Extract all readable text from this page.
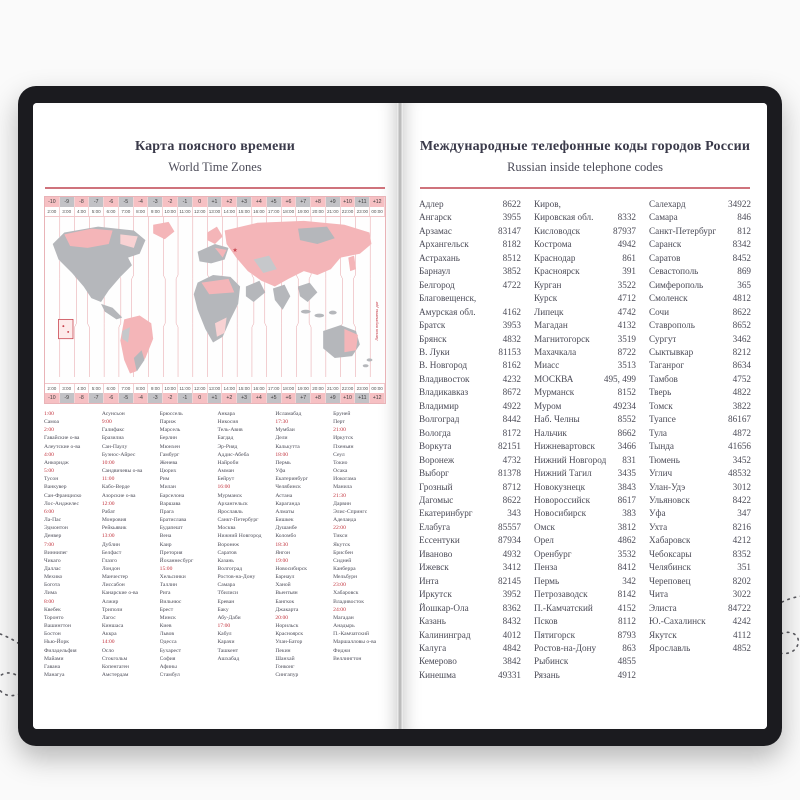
Карта поясного времени
World Time Zones
-10	-9	-8	-7	-6	-5	-4	-3	-2	-1	0	+1	+2	+3	+4	+5	+6	+7	+8	+9	+10	+11	+12
2:00	3:00	4:00	5:00	6:00	7:00	8:00	9:00 10:00 11:00 12:00 13:00 14:00 15:00 16:00 17:00 18:00 19:00 20:00 21:00 22:00 23:00 00:00
★
Линия перемены дат
2:00	3:00	4:00	5:00	6:00	7:00	8:00	9:00 10:00 11:00 12:00 13:00 14:00 15:00 16:00 17:00 18:00 19:00 20:00 21:00 22:00 23:00 00:00
-10	-9	-8	-7	-6	-5	-4	-3	-2	-1	0	+1	+2	+3	+4	+5	+6	+7	+8	+9	+10	+11	+12
1:00
Самоа
2:00
Гавайские о-ва
Алеутские о-ва
4:00
Анкоридж
5:00
Тусон
Ванкувер
Сан-Франциско
Лос-Анджелес
6:00
Ла-Пас
Эдмонтон
Денвер
7:00
Виннипег
Чикаго
Даллас
Мехико
Богота
Лима
8:00
Квебек
Торонто
Вашингтон
Бостон
Нью-Йорк
Филадельфия
Майами
Гавана
Манагуа
Асунсьон
9:00
Галифакс
Бразилиа
Сан-Паулу
Буэнос-Айрес
10:00
Сандвичевы о-ва
11:00
Кабо-Верде
Азорские о-ва
12:00
Рабат
Монровия
Рейкьявик
13:00
Дублин
Белфаст
Глазго
Лондон
Манчестер
Лиссабон
Канарские о-ва
Алжир
Триполи
Лагос
Киншаса
Аккра
14:00
Осло
Стокгольм
Копенгаген
Амстердам
Брюссель
Париж
Марсель
Берлин
Мюнхен
Гамбург
Женева
Цюрих
Рим
Милан
Барселона
Варшава
Прага
Братислава
Будапешт
Вена
Каир
Претория
Йоханнесбург
15:00
Хельсинки
Таллин
Рига
Вильнюс
Брест
Минск
Киев
Львов
Одесса
Бухарест
София
Афины
Стамбул
Анкара
Никосия
Тель-Авив
Багдад
Эр-Рияд
Аддис-Абеба
Найроби
Амман
Бейрут
16:00
Мурманск
Архангельск
Ярославль
Санкт-Петербург
Москва
Нижний Новгород
Воронеж
Саратов
Казань
Волгоград
Ростов-на-Дону
Самара
Тбилиси
Ереван
Баку
Абу-Даби
17:00
Кабул
Карачи
Ташкент
Ашхабад
Исламабад
17:30
Мумбаи
Дели
Калькутта
18:00
Пермь
Уфа
Екатеринбург
Челябинск
Астана
Караганда
Алматы
Бишкек
Душанбе
Коломбо
18:30
Янгон
19:00
Новосибирск
Барнаул
Ханой
Вьентьян
Бангкок
Джакарта
20:00
Норильск
Красноярск
Улан-Батор
Пекин
Шанхай
Гонконг
Сингапур
Бруней
Перт
21:00
Иркутск
Пхеньян
Сеул
Токио
Осака
Иокогама
Манила
21:30
Дарвин
Элис-Спрингс
Аделаида
22:00
Тикси
Якутск
Брисбен
Сидней
Канберра
Мельбурн
23:00
Хабаровск
Владивосток
24:00
Магадан
Анадырь
П.-Камчатский
Маршалловы о-ва
Фиджи
Веллингтон
Международные телефонные коды городов России
Russian inside telephone codes
Адлер	8622
Ангарск	3955
Арзамас	83147
Архангельск	8182
Астрахань	8512
Барнаул	3852
Белгород	4722
Благовещенск,
Амурская обл.	4162
Братск	3953
Брянск	4832
В. Луки	81153
В. Новгород	8162
Владивосток	4232
Владикавказ	8672
Владимир	4922
Волгоград	8442
Вологда	8172
Воркута	82151
Воронеж	4732
Выборг	81378
Грозный	8712
Дагомыс	8622
Екатеринбург	343
Елабуга	85557
Ессентуки	87934
Иваново	4932
Ижевск	3412
Инта	82145
Иркутск	3952
Йошкар-Ола	8362
Казань	8432
Калининград	4012
Калуга	4842
Кемерово	3842
Кинешма	49331
Киров,
Кировская обл.	8332
Кисловодск	87937
Кострома	4942
Краснодар	861
Красноярск	391
Курган	3522
Курск	4712
Липецк	4742
Магадан	4132
Магнитогорск	3519
Махачкала	8722
Миасс	3513
МОСКВА	495, 499
Мурманск	8152
Муром	49234
Наб. Челны	8552
Нальчик	8662
Нижневартовск 3466
Нижний Новгород 831
Нижний Тагил	3435
Новокузнецк	3843
Новороссийск	8617
Новосибирск	383
Омск	3812
Орел	4862
Оренбург	3532
Пенза	8412
Пермь	342
Петрозаводск	8142
П.-Камчатский	4152
Псков	8112
Пятигорск	8793
Ростов-на-Дону	863
Рыбинск	4855
Рязань	4912
Салехард	34922
Самара	846
Санкт-Петербург 812
Саранск	8342
Саратов	8452
Севастополь	869
Симферополь	365
Смоленск	4812
Сочи	8622
Ставрополь	8652
Сургут	3462
Сыктывкар	8212
Таганрог	8634
Тамбов	4752
Тверь	4822
Томск	3822
Туапсе	86167
Тула	4872
Тында	41656
Тюмень	3452
Углич	48532
Улан-Удэ	3012
Ульяновск	8422
Уфа	347
Ухта	8216
Хабаровск	4212
Чебоксары	8352
Челябинск	351
Череповец	8202
Чита	3022
Элиста	84722
Ю.-Сахалинск	4242
Якутск	4112
Ярославль	4852
